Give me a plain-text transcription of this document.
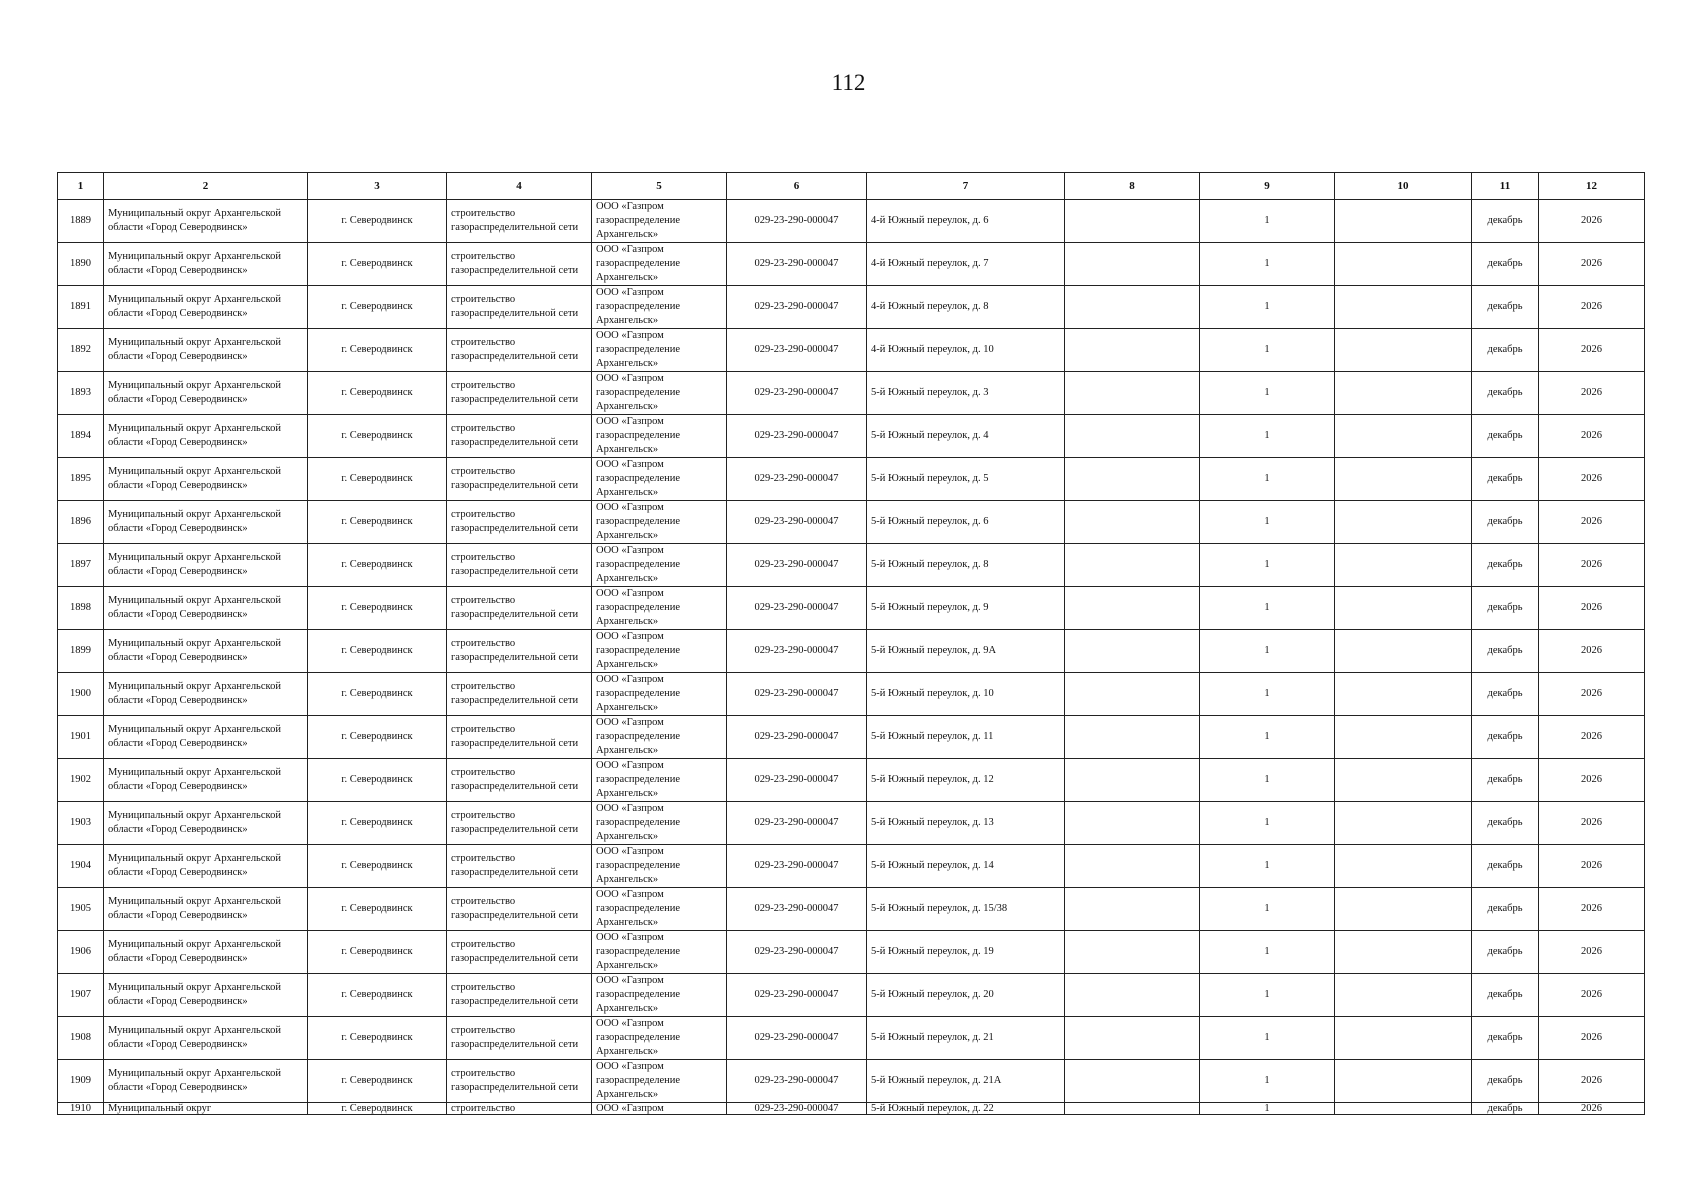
112
1	2	3	4	5	6	7	8	9	10	11	12
1889	Муниципальный округ Архангельской области «Город Северодвинск»	г. Северодвинск	строительство газораспределительной сети	ООО «Газпром газораспределение Архангельск»	029-23-290-000047	4-й Южный переулок, д. 6		1		декабрь	2026
1890	Муниципальный округ Архангельской области «Город Северодвинск»	г. Северодвинск	строительство газораспределительной сети	ООО «Газпром газораспределение Архангельск»	029-23-290-000047	4-й Южный переулок, д. 7		1		декабрь	2026
1891	Муниципальный округ Архангельской области «Город Северодвинск»	г. Северодвинск	строительство газораспределительной сети	ООО «Газпром газораспределение Архангельск»	029-23-290-000047	4-й Южный переулок, д. 8		1		декабрь	2026
1892	Муниципальный округ Архангельской области «Город Северодвинск»	г. Северодвинск	строительство газораспределительной сети	ООО «Газпром газораспределение Архангельск»	029-23-290-000047	4-й Южный переулок, д. 10		1		декабрь	2026
1893	Муниципальный округ Архангельской области «Город Северодвинск»	г. Северодвинск	строительство газораспределительной сети	ООО «Газпром газораспределение Архангельск»	029-23-290-000047	5-й Южный переулок, д. 3		1		декабрь	2026
1894	Муниципальный округ Архангельской области «Город Северодвинск»	г. Северодвинск	строительство газораспределительной сети	ООО «Газпром газораспределение Архангельск»	029-23-290-000047	5-й Южный переулок, д. 4		1		декабрь	2026
1895	Муниципальный округ Архангельской области «Город Северодвинск»	г. Северодвинск	строительство газораспределительной сети	ООО «Газпром газораспределение Архангельск»	029-23-290-000047	5-й Южный переулок, д. 5		1		декабрь	2026
1896	Муниципальный округ Архангельской области «Город Северодвинск»	г. Северодвинск	строительство газораспределительной сети	ООО «Газпром газораспределение Архангельск»	029-23-290-000047	5-й Южный переулок, д. 6		1		декабрь	2026
1897	Муниципальный округ Архангельской области «Город Северодвинск»	г. Северодвинск	строительство газораспределительной сети	ООО «Газпром газораспределение Архангельск»	029-23-290-000047	5-й Южный переулок, д. 8		1		декабрь	2026
1898	Муниципальный округ Архангельской области «Город Северодвинск»	г. Северодвинск	строительство газораспределительной сети	ООО «Газпром газораспределение Архангельск»	029-23-290-000047	5-й Южный переулок, д. 9		1		декабрь	2026
1899	Муниципальный округ Архангельской области «Город Северодвинск»	г. Северодвинск	строительство газораспределительной сети	ООО «Газпром газораспределение Архангельск»	029-23-290-000047	5-й Южный переулок, д. 9А		1		декабрь	2026
1900	Муниципальный округ Архангельской области «Город Северодвинск»	г. Северодвинск	строительство газораспределительной сети	ООО «Газпром газораспределение Архангельск»	029-23-290-000047	5-й Южный переулок, д. 10		1		декабрь	2026
1901	Муниципальный округ Архангельской области «Город Северодвинск»	г. Северодвинск	строительство газораспределительной сети	ООО «Газпром газораспределение Архангельск»	029-23-290-000047	5-й Южный переулок, д. 11		1		декабрь	2026
1902	Муниципальный округ Архангельской области «Город Северодвинск»	г. Северодвинск	строительство газораспределительной сети	ООО «Газпром газораспределение Архангельск»	029-23-290-000047	5-й Южный переулок, д. 12		1		декабрь	2026
1903	Муниципальный округ Архангельской области «Город Северодвинск»	г. Северодвинск	строительство газораспределительной сети	ООО «Газпром газораспределение Архангельск»	029-23-290-000047	5-й Южный переулок, д. 13		1		декабрь	2026
1904	Муниципальный округ Архангельской области «Город Северодвинск»	г. Северодвинск	строительство газораспределительной сети	ООО «Газпром газораспределение Архангельск»	029-23-290-000047	5-й Южный переулок, д. 14		1		декабрь	2026
1905	Муниципальный округ Архангельской области «Город Северодвинск»	г. Северодвинск	строительство газораспределительной сети	ООО «Газпром газораспределение Архангельск»	029-23-290-000047	5-й Южный переулок, д. 15/38		1		декабрь	2026
1906	Муниципальный округ Архангельской области «Город Северодвинск»	г. Северодвинск	строительство газораспределительной сети	ООО «Газпром газораспределение Архангельск»	029-23-290-000047	5-й Южный переулок, д. 19		1		декабрь	2026
1907	Муниципальный округ Архангельской области «Город Северодвинск»	г. Северодвинск	строительство газораспределительной сети	ООО «Газпром газораспределение Архангельск»	029-23-290-000047	5-й Южный переулок, д. 20		1		декабрь	2026
1908	Муниципальный округ Архангельской области «Город Северодвинск»	г. Северодвинск	строительство газораспределительной сети	ООО «Газпром газораспределение Архангельск»	029-23-290-000047	5-й Южный переулок, д. 21		1		декабрь	2026
1909	Муниципальный округ Архангельской области «Город Северодвинск»	г. Северодвинск	строительство газораспределительной сети	ООО «Газпром газораспределение Архангельск»	029-23-290-000047	5-й Южный переулок, д. 21А		1		декабрь	2026
1910	Муниципальный округ	г. Северодвинск	строительство	ООО «Газпром	029-23-290-000047	5-й Южный переулок, д. 22		1		декабрь	2026
